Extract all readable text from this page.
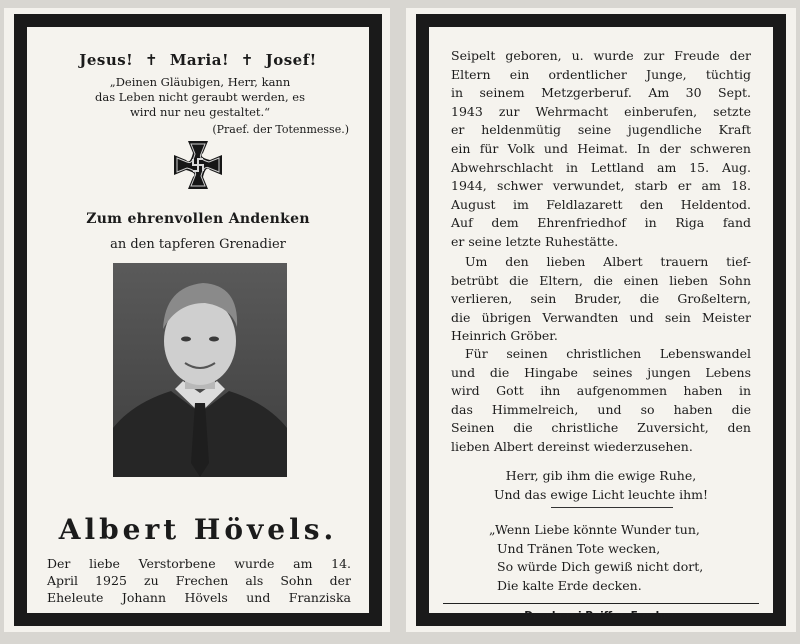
Jesus! ✝ Maria! ✝ Josef!
„Deinen Gläubigen, Herr, kann
das Leben nicht geraubt werden, es
wird nur neu gestaltet.“
(Praef. der Totenmesse.)
Zum ehrenvollen Andenken
an den tapferen Grenadier
Albert Hövels.
Der liebe Verstorbene wurde am 14.
April 1925 zu Frechen als Sohn der
Eheleute Johann Hövels und Franziska
Seipelt geboren, u. wurde zur Freude der
Eltern ein ordentlicher Junge, tüchtig
in seinem Metzgerberuf. Am 30 Sept.
1943 zur Wehrmacht einberufen, setzte
er heldenmütig seine jugendliche Kraft
ein für Volk und Heimat. In der schweren
Abwehrschlacht in Lettland am 15. Aug.
1944, schwer verwundet, starb er am 18.
August im Feldlazarett den Heldentod.
Auf dem Ehrenfriedhof in Riga fand
er seine letzte Ruhestätte.
Um den lieben Albert trauern tief-
betrübt die Eltern, die einen lieben Sohn
verlieren, sein Bruder, die Großeltern,
die übrigen Verwandten und sein Meister
Heinrich Gröber.
Für seinen christlichen Lebenswandel
und die Hingabe seines jungen Lebens
wird Gott ihn aufgenommen haben in
das Himmelreich, und so haben die
Seinen die christliche Zuversicht, den
lieben Albert dereinst wiederzusehen.
Herr, gib ihm die ewige Ruhe,
Und das ewige Licht leuchte ihm!
„Wenn Liebe könnte Wunder tun,
Und Tränen Tote wecken,
So würde Dich gewiß nicht dort,
Die kalte Erde decken.
Druckerei Peiffer, Frechen
